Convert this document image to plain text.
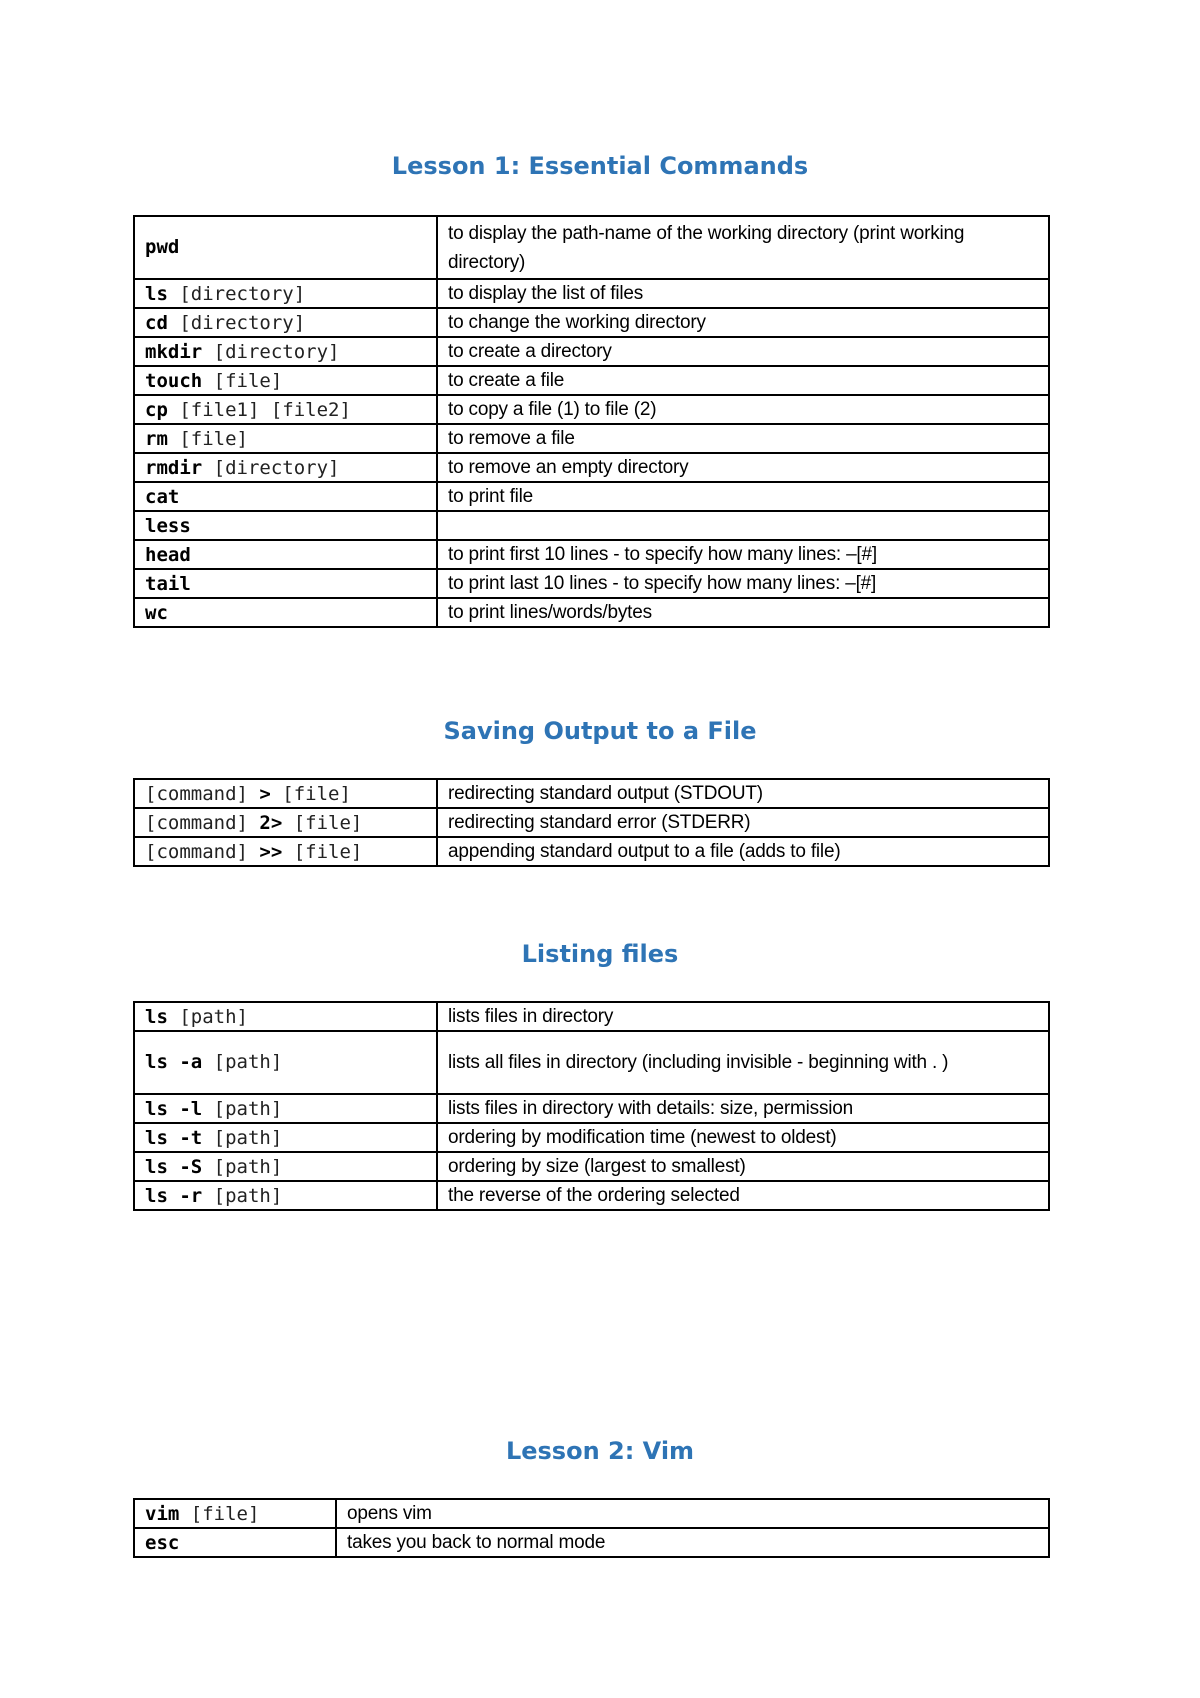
Lesson 1: Essential Commands
pwd	to display the path-name of the working directory (print working directory)
ls [directory]	to display the list of files
cd [directory]	to change the working directory
mkdir [directory]	to create a directory
touch [file]	to create a file
cp [file1] [file2]	to copy a file (1) to file (2)
rm [file]	to remove a file
rmdir [directory]	to remove an empty directory
cat	to print file
less	
head	to print first 10 lines - to specify how many lines: –[#]
tail	to print last 10 lines - to specify how many lines: –[#]
wc	to print lines/words/bytes
Saving Output to a File
[command] > [file]	redirecting standard output (STDOUT)
[command] 2> [file]	redirecting standard error (STDERR)
[command] >> [file]	appending standard output to a file (adds to file)
Listing files
ls [path]	lists files in directory
ls -a [path]	lists all files in directory (including invisible - beginning with . )
ls -l [path]	lists files in directory with details: size, permission
ls -t [path]	ordering by modification time (newest to oldest)
ls -S [path]	ordering by size (largest to smallest)
ls -r [path]	the reverse of the ordering selected
Lesson 2: Vim
vim [file]	opens vim
esc	takes you back to normal mode
